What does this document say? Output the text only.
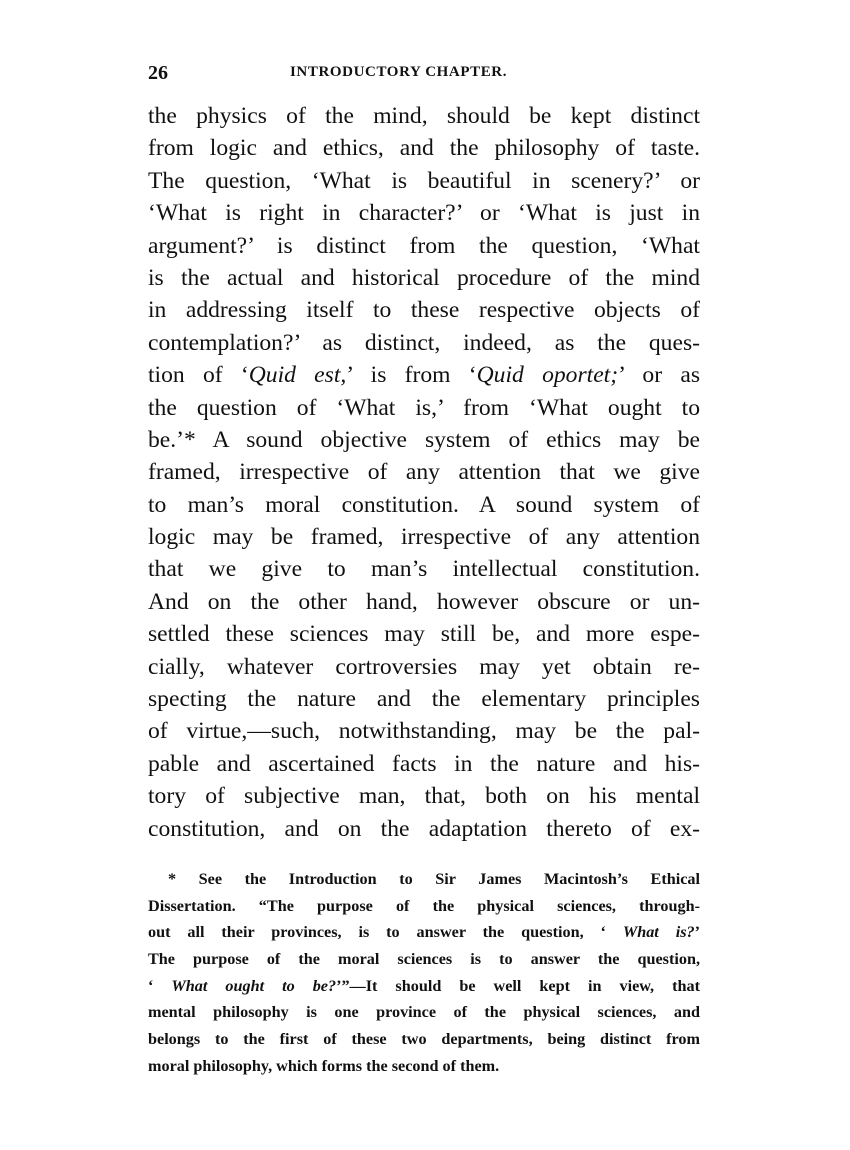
26	INTRODUCTORY CHAPTER.
the physics of the mind, should be kept distinct
from logic and ethics, and the philosophy of taste.
The question, ‘What is beautiful in scenery?’ or
‘What is right in character?’ or ‘What is just in
argument?’ is distinct from the question, ‘What
is the actual and historical procedure of the mind
in addressing itself to these respective objects of
contemplation?’ as distinct, indeed, as the ques-
tion of ‘Quid est,’ is from ‘Quid oportet;’ or as
the question of ‘What is,’ from ‘What ought to
be.’* A sound objective system of ethics may be
framed, irrespective of any attention that we give
to man’s moral constitution. A sound system of
logic may be framed, irrespective of any attention
that we give to man’s intellectual constitution.
And on the other hand, however obscure or un-
settled these sciences may still be, and more espe-
cially, whatever cortroversies may yet obtain re-
specting the nature and the elementary principles
of virtue,—such, notwithstanding, may be the pal-
pable and ascertained facts in the nature and his-
tory of subjective man, that, both on his mental
constitution, and on the adaptation thereto of ex-
* See the Introduction to Sir James Macintosh’s Ethical
Dissertation. “The purpose of the physical sciences, through-
out all their provinces, is to answer the question, ‘ What is?’
The purpose of the moral sciences is to answer the question,
‘ What ought to be?’”—It should be well kept in view, that
mental philosophy is one province of the physical sciences, and
belongs to the first of these two departments, being distinct from
moral philosophy, which forms the second of them.
